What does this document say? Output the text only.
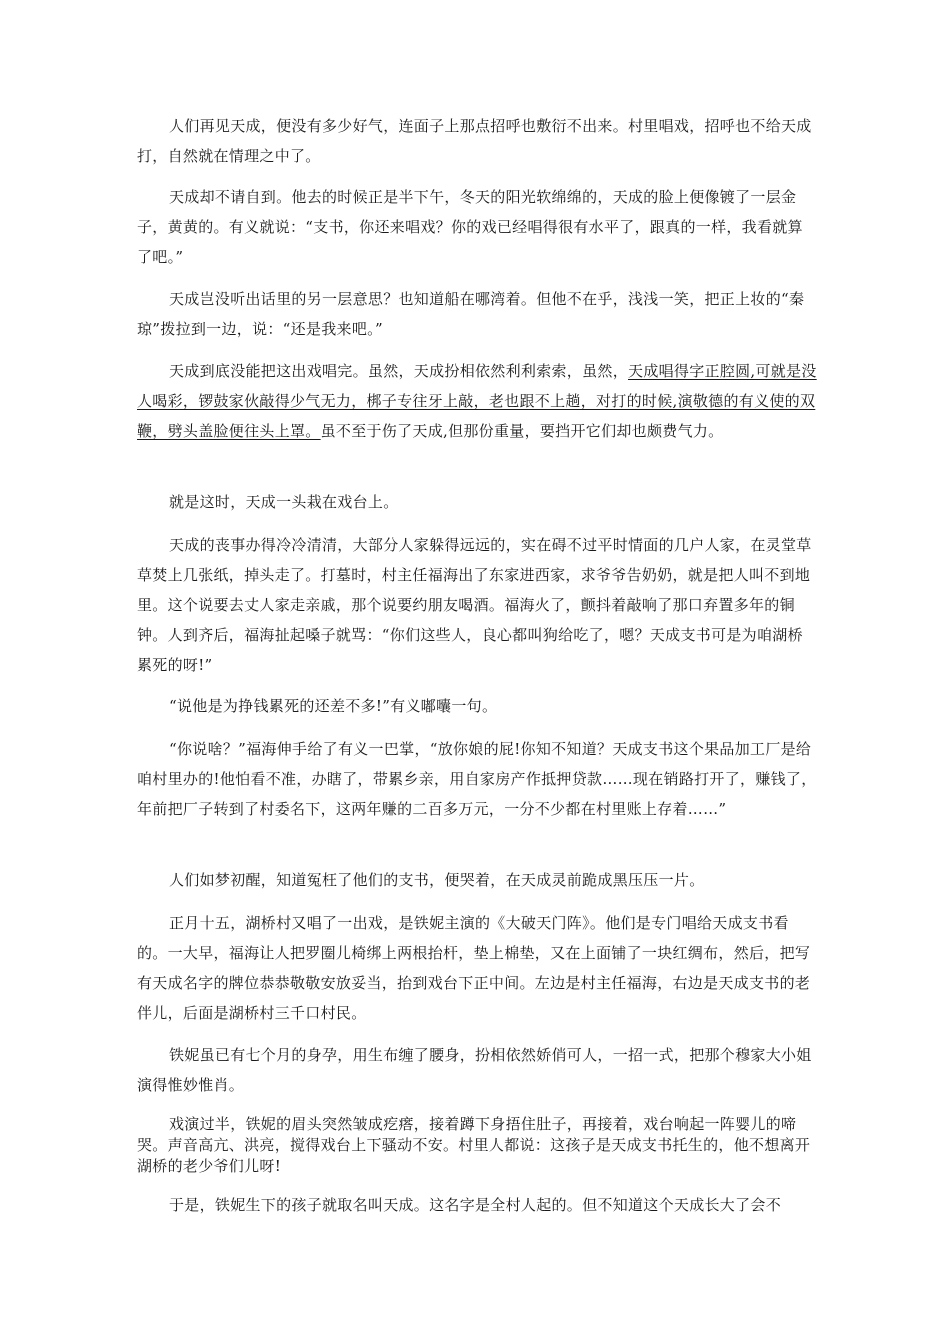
人们再见天成，便没有多少好气，连面子上那点招呼也敷衍不出来。村里唱戏，招呼也不给天成打，自然就在情理之中了。

天成却不请自到。他去的时候正是半下午，冬天的阳光软绵绵的，天成的脸上便像镀了一层金子，黄黄的。有义就说：“支书，你还来唱戏？你的戏已经唱得很有水平了，跟真的一样，我看就算了吧。”

天成岂没听出话里的另一层意思？也知道船在哪湾着。但他不在乎，浅浅一笑，把正上妆的“秦琼”拨拉到一边，说：“还是我来吧。”

天成到底没能把这出戏唱完。虽然，天成扮相依然利利索索，虽然，天成唱得字正腔圆,可就是没人喝彩，锣鼓家伙敲得少气无力，梆子专往牙上敲，老也跟不上趟，对打的时候,演敬德的有义使的双鞭，劈头盖脸便往头上罩。虽不至于伤了天成,但那份重量，要挡开它们却也颇费气力。

就是这时，天成一头栽在戏台上。

天成的丧事办得冷冷清清，大部分人家躲得远远的，实在碍不过平时情面的几户人家，在灵堂草草焚上几张纸，掉头走了。打墓时，村主任福海出了东家进西家，求爷爷告奶奶，就是把人叫不到地里。这个说要去丈人家走亲戚，那个说要约朋友喝酒。福海火了，颤抖着敲响了那口弃置多年的铜钟。人到齐后，福海扯起嗓子就骂：“你们这些人，良心都叫狗给吃了，嗯？天成支书可是为咱湖桥累死的呀!”

“说他是为挣钱累死的还差不多!”有义嘟囔一句。

“你说啥？”福海伸手给了有义一巴掌，“放你娘的屁!你知不知道？天成支书这个果品加工厂是给咱村里办的!他怕看不准，办瞎了，带累乡亲，用自家房产作抵押贷款……现在销路打开了，赚钱了，年前把厂子转到了村委名下，这两年赚的二百多万元，一分不少都在村里账上存着……”

人们如梦初醒，知道冤枉了他们的支书，便哭着，在天成灵前跪成黑压压一片。

正月十五，湖桥村又唱了一出戏，是铁妮主演的《大破天门阵》。他们是专门唱给天成支书看的。一大早，福海让人把罗圈儿椅绑上两根抬杆，垫上棉垫，又在上面铺了一块红绸布，然后，把写有天成名字的牌位恭恭敬敬安放妥当，抬到戏台下正中间。左边是村主任福海，右边是天成支书的老伴儿，后面是湖桥村三千口村民。

铁妮虽已有七个月的身孕，用生布缠了腰身，扮相依然娇俏可人，一招一式，把那个穆家大小姐演得惟妙惟肖。

戏演过半，铁妮的眉头突然皱成疙瘩，接着蹲下身捂住肚子，再接着，戏台响起一阵婴儿的啼哭。声音高亢、洪亮，搅得戏台上下骚动不安。村里人都说：这孩子是天成支书托生的，他不想离开湖桥的老少爷们儿呀!

于是，铁妮生下的孩子就取名叫天成。这名字是全村人起的。但不知道这个天成长大了会不
